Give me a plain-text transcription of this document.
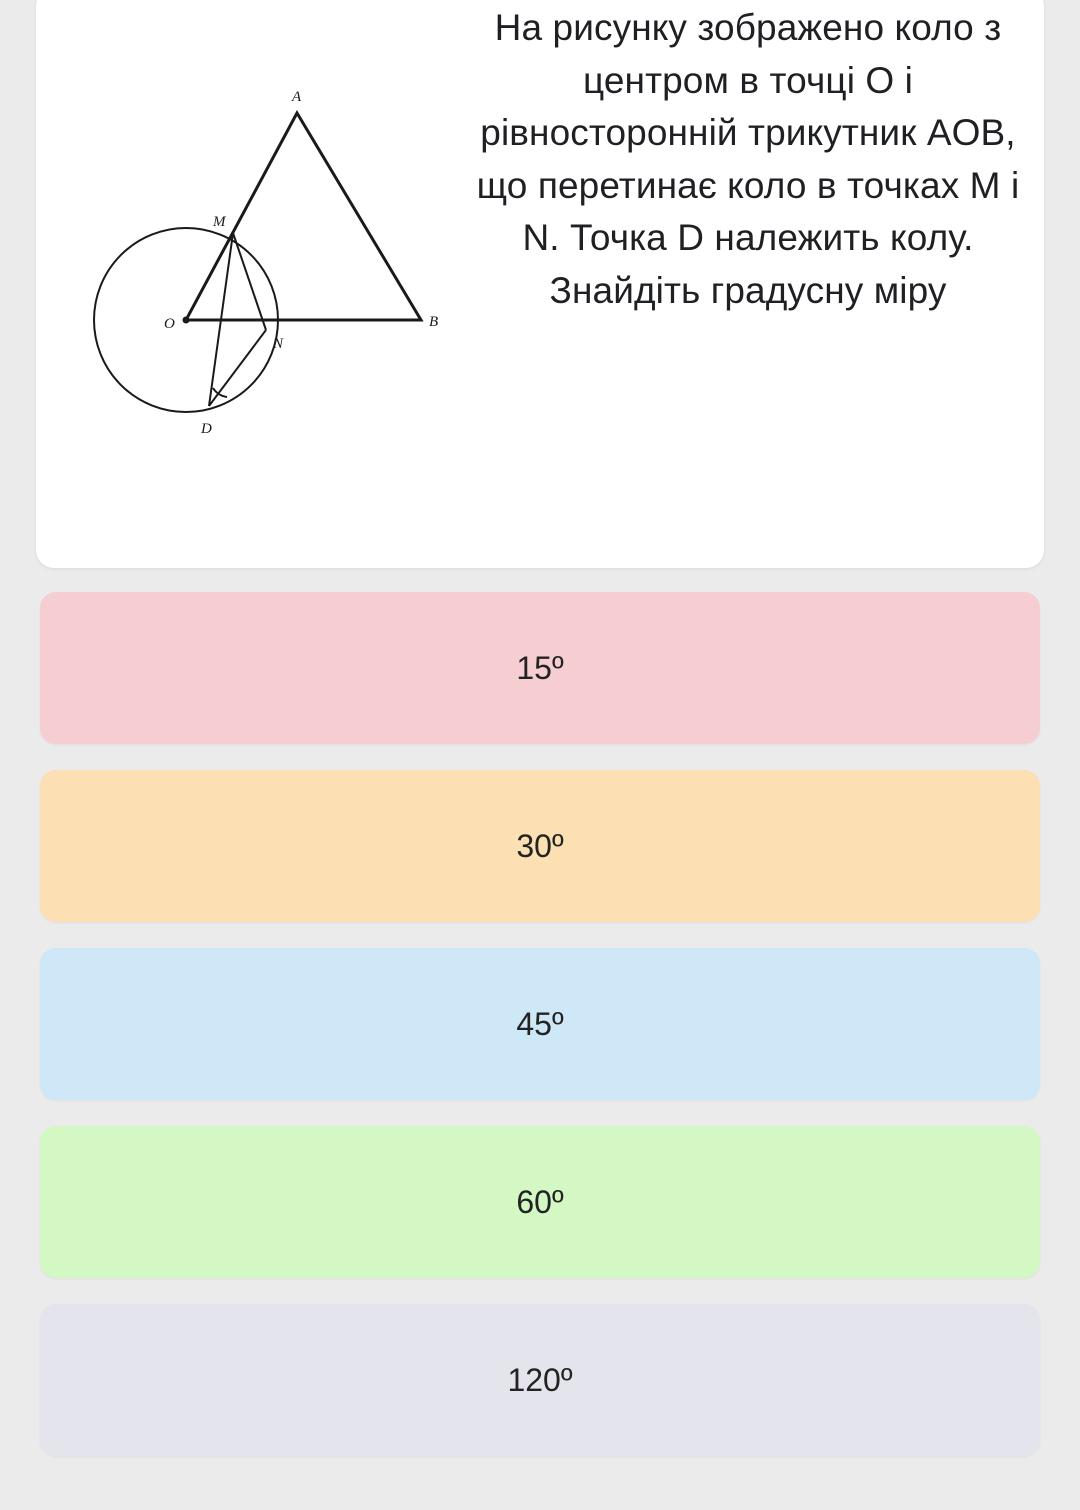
A
B
M
N
O
D
На рисунку зображено коло з центром в точці O і рівносторонній трикутник AOB, що перетинає коло в точках M і N. Точка D належить колу. Знайдіть градусну міру
15º
30º
45º
60º
120º
